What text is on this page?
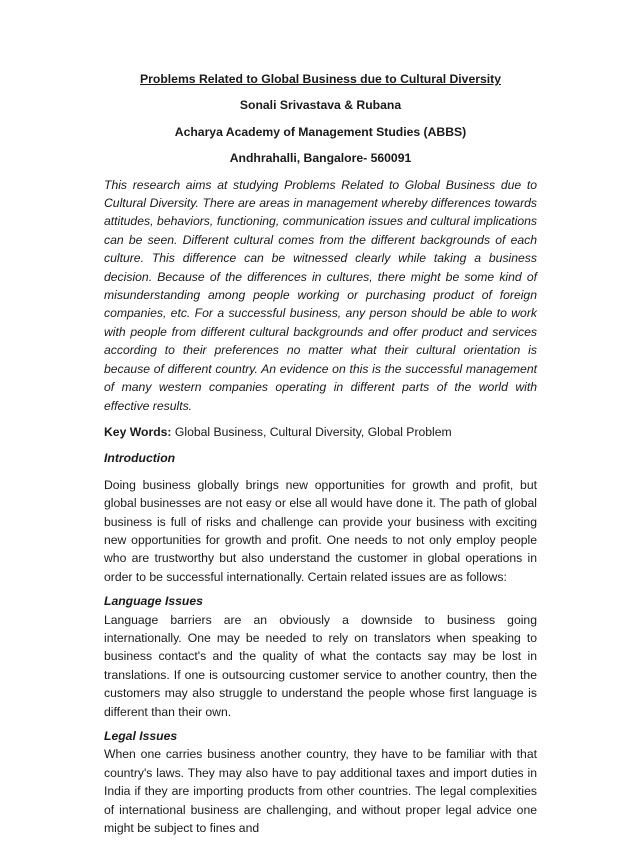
Problems Related to Global Business due to Cultural Diversity
Sonali Srivastava & Rubana
Acharya Academy of Management Studies (ABBS)
Andhrahalli, Bangalore- 560091

This research aims at studying Problems Related to Global Business due to Cultural Diversity. There are areas in management whereby differences towards attitudes, behaviors, functioning, communication issues and cultural implications can be seen. Different cultural comes from the different backgrounds of each culture. This difference can be witnessed clearly while taking a business decision. Because of the differences in cultures, there might be some kind of misunderstanding among people working or purchasing product of foreign companies, etc. For a successful business, any person should be able to work with people from different cultural backgrounds and offer product and services according to their preferences no matter what their cultural orientation is because of different country. An evidence on this is the successful management of many western companies operating in different parts of the world with effective results.

Key Words: Global Business, Cultural Diversity, Global Problem

Introduction

Doing business globally brings new opportunities for growth and profit, but global businesses are not easy or else all would have done it. The path of global business is full of risks and challenge can provide your business with exciting new opportunities for growth and profit. One needs to not only employ people who are trustworthy but also understand the customer in global operations in order to be successful internationally. Certain related issues are as follows:

Language Issues

Language barriers are an obviously a downside to business going internationally. One may be needed to rely on translators when speaking to business contact's and the quality of what the contacts say may be lost in translations. If one is outsourcing customer service to another country, then the customers may also struggle to understand the people whose first language is different than their own.

Legal Issues

When one carries business another country, they have to be familiar with that country's laws. They may also have to pay additional taxes and import duties in India if they are importing products from other countries. The legal complexities of international business are challenging, and without proper legal advice one might be subject to fines and
